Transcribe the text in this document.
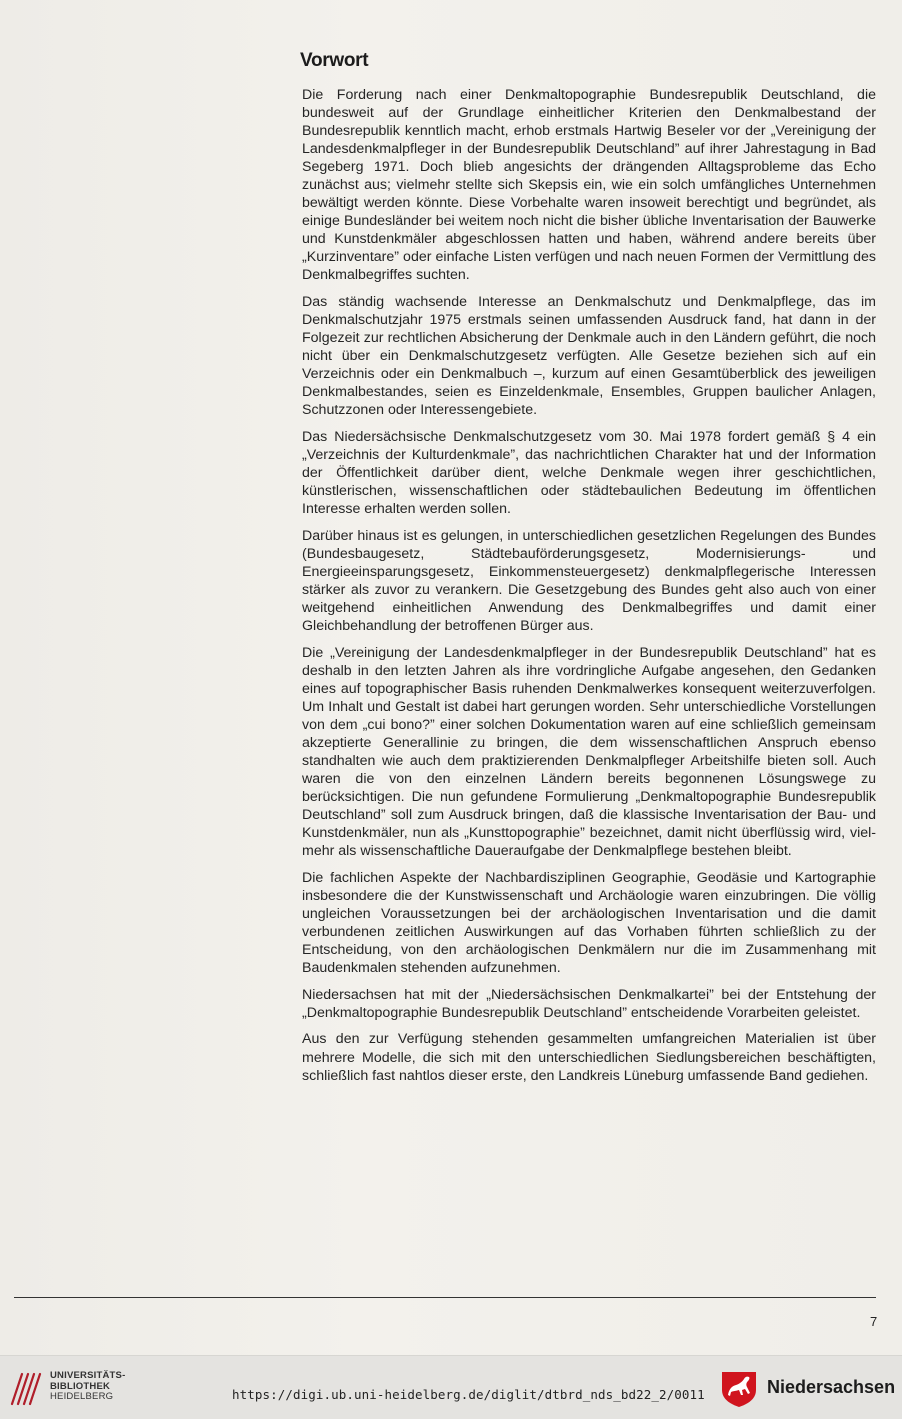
Vorwort

Die Forderung nach einer Denkmaltopographie Bundesrepublik Deutschland, die bundesweit auf der Grundlage einheitlicher Kriterien den Denkmalbestand der Bundesrepublik kenntlich macht, erhob erstmals Hartwig Beseler vor der „Vereinigung der Landesdenkmalpfleger in der Bundesrepublik Deutschland” auf ihrer Jahrestagung in Bad Segeberg 1971. Doch blieb angesichts der drängenden Alltagsprobleme das Echo zunächst aus; vielmehr stellte sich Skepsis ein, wie ein solch umfängliches Unternehmen bewältigt werden könnte. Diese Vorbehalte waren insoweit berechtigt und begründet, als einige Bundesländer bei weitem noch nicht die bisher übliche Inventarisation der Bauwerke und Kunstdenkmäler abgeschlossen hatten und haben, während andere bereits über „Kurzinventare” oder einfache Listen verfügen und nach neuen Formen der Vermittlung des Denkmalbegriffes suchten.

Das ständig wachsende Interesse an Denkmalschutz und Denkmalpflege, das im Denkmalschutzjahr 1975 erstmals seinen umfassenden Ausdruck fand, hat dann in der Folgezeit zur rechtlichen Absicherung der Denkmale auch in den Ländern geführt, die noch nicht über ein Denkmalschutzgesetz verfügten. Alle Gesetze beziehen sich auf ein Verzeichnis oder ein Denkmalbuch –, kurzum auf einen Gesamtüberblick des jeweiligen Denkmalbestandes, seien es Einzeldenkmale, Ensembles, Gruppen baulicher Anlagen, Schutzzonen oder Interessengebiete.

Das Niedersächsische Denkmalschutzgesetz vom 30. Mai 1978 fordert gemäß § 4 ein „Verzeichnis der Kulturdenkmale”, das nachrichtlichen Charakter hat und der Information der Öffentlichkeit darüber dient, welche Denkmale wegen ihrer geschichtlichen, künstlerischen, wissenschaftlichen oder städtebaulichen Bedeutung im öffentlichen Interesse erhalten werden sollen.

Darüber hinaus ist es gelungen, in unterschiedlichen gesetzlichen Regelungen des Bundes (Bundesbaugesetz, Städtebauförderungsgesetz, Modernisierungs- und Energieeinsparungsgesetz, Einkommensteuergesetz) denkmalpflegerische Interessen stärker als zuvor zu verankern. Die Gesetzgebung des Bundes geht also auch von einer weitgehend einheitlichen Anwendung des Denkmalbegriffes und damit einer Gleichbehandlung der betroffenen Bürger aus.

Die „Vereinigung der Landesdenkmalpfleger in der Bundesrepublik Deutschland” hat es deshalb in den letzten Jahren als ihre vordringliche Aufgabe angesehen, den Gedanken eines auf topographischer Basis ruhenden Denkmalwerkes konsequent weiterzuverfolgen. Um Inhalt und Gestalt ist dabei hart gerungen worden. Sehr unterschiedliche Vorstellungen von dem „cui bono?” einer solchen Dokumentation waren auf eine schließlich gemeinsam akzeptierte Generallinie zu bringen, die dem wissenschaftlichen Anspruch ebenso standhalten wie auch dem praktizierenden Denkmalpfleger Arbeitshilfe bieten soll. Auch waren die von den einzelnen Ländern bereits begonnenen Lösungswege zu berücksichtigen. Die nun gefundene Formulierung „Denkmaltopographie Bundesrepublik Deutschland” soll zum Ausdruck bringen, daß die klassische Inventarisation der Bau- und Kunstdenkmäler, nun als „Kunsttopographie” bezeichnet, damit nicht überflüssig wird, vielmehr als wissenschaftliche Daueraufgabe der Denkmalpflege bestehen bleibt.

Die fachlichen Aspekte der Nachbardisziplinen Geographie, Geodäsie und Kartographie insbesondere die der Kunstwissenschaft und Archäologie waren einzubringen. Die völlig ungleichen Voraussetzungen bei der archäologischen Inventarisation und die damit verbundenen zeitlichen Auswirkungen auf das Vorhaben führten schließlich zu der Entscheidung, von den archäologischen Denkmälern nur die im Zusammenhang mit Baudenkmalen stehenden aufzunehmen.

Niedersachsen hat mit der „Niedersächsischen Denkmalkartei” bei der Entstehung der „Denkmaltopographie Bundesrepublik Deutschland” entscheidende Vorarbeiten geleistet.

Aus den zur Verfügung stehenden gesammelten umfangreichen Materialien ist über mehrere Modelle, die sich mit den unterschiedlichen Siedlungsbereichen beschäftigten, schließlich fast nahtlos dieser erste, den Landkreis Lüneburg umfassende Band gediehen.

7
UNIVERSITÄTS-
BIBLIOTHEK
HEIDELBERG	https://digi.ub.uni-heidelberg.de/diglit/dtbrd_nds_bd22_2/0011	Niedersachsen
